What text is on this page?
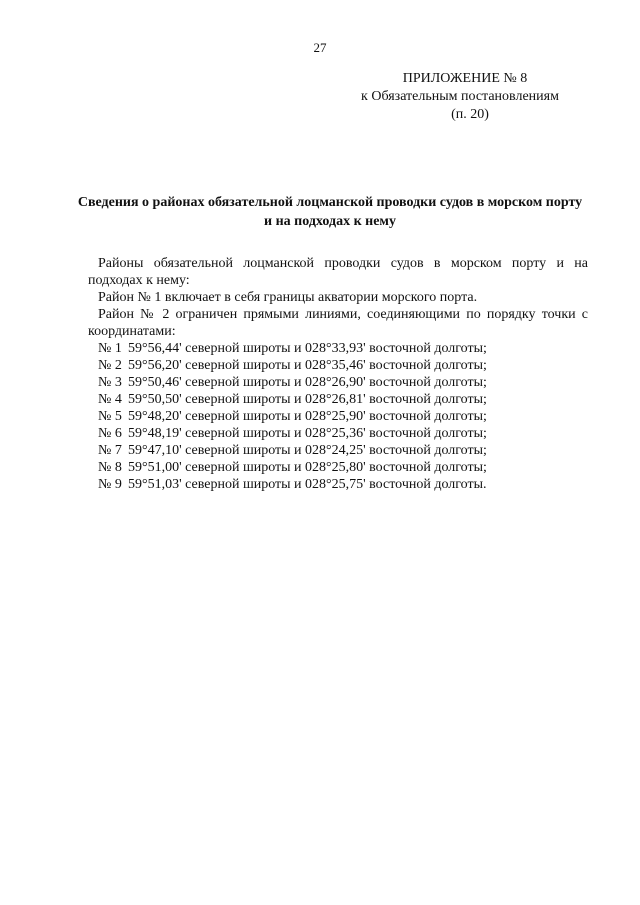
27
ПРИЛОЖЕНИЕ № 8
к Обязательным постановлениям
(п. 20)
Сведения о районах обязательной лоцманской проводки судов в морском порту
и на подходах к нему
Районы обязательной лоцманской проводки судов в морском порту и на
подходах к нему:
Район № 1 включает в себя границы акватории морского порта.
Район № 2 ограничен прямыми линиями, соединяющими по порядку точки с
координатами:
№ 1 59°56,44' северной широты и 028°33,93' восточной долготы;
№ 2 59°56,20' северной широты и 028°35,46' восточной долготы;
№ 3 59°50,46' северной широты и 028°26,90' восточной долготы;
№ 4 59°50,50' северной широты и 028°26,81' восточной долготы;
№ 5 59°48,20' северной широты и 028°25,90' восточной долготы;
№ 6 59°48,19' северной широты и 028°25,36' восточной долготы;
№ 7 59°47,10' северной широты и 028°24,25' восточной долготы;
№ 8 59°51,00' северной широты и 028°25,80' восточной долготы;
№ 9 59°51,03' северной широты и 028°25,75' восточной долготы.
